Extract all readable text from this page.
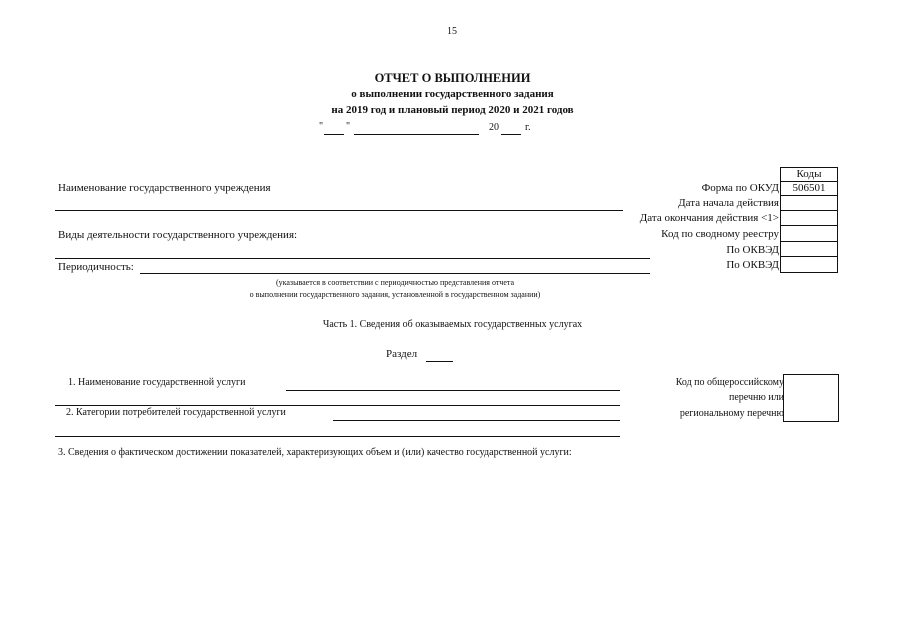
15
ОТЧЕТ О ВЫПОЛНЕНИИ
о выполнении государственного задания
на 2019 год и плановый период 2020 и 2021 годов
" "	20	г.
Коды
506501
Форма по ОКУД
Дата начала действия
Дата окончания действия <1>
Код по сводному реестру
По ОКВЭД
По ОКВЭД
Наименование государственного учреждения
Виды деятельности государственного учреждения:
Периодичность:
(указывается в соответствии с периодичностью представления отчета
о выполнении государственного задания, установленной в государственном задании)
Часть 1. Сведения об оказываемых государственных услугах
Раздел
1. Наименование государственной услуги
2. Категории потребителей государственной услуги
Код по общероссийскому
перечню или
региональному перечню
3. Сведения о фактическом достижении показателей, характеризующих объем и (или) качество государственной услуги:
